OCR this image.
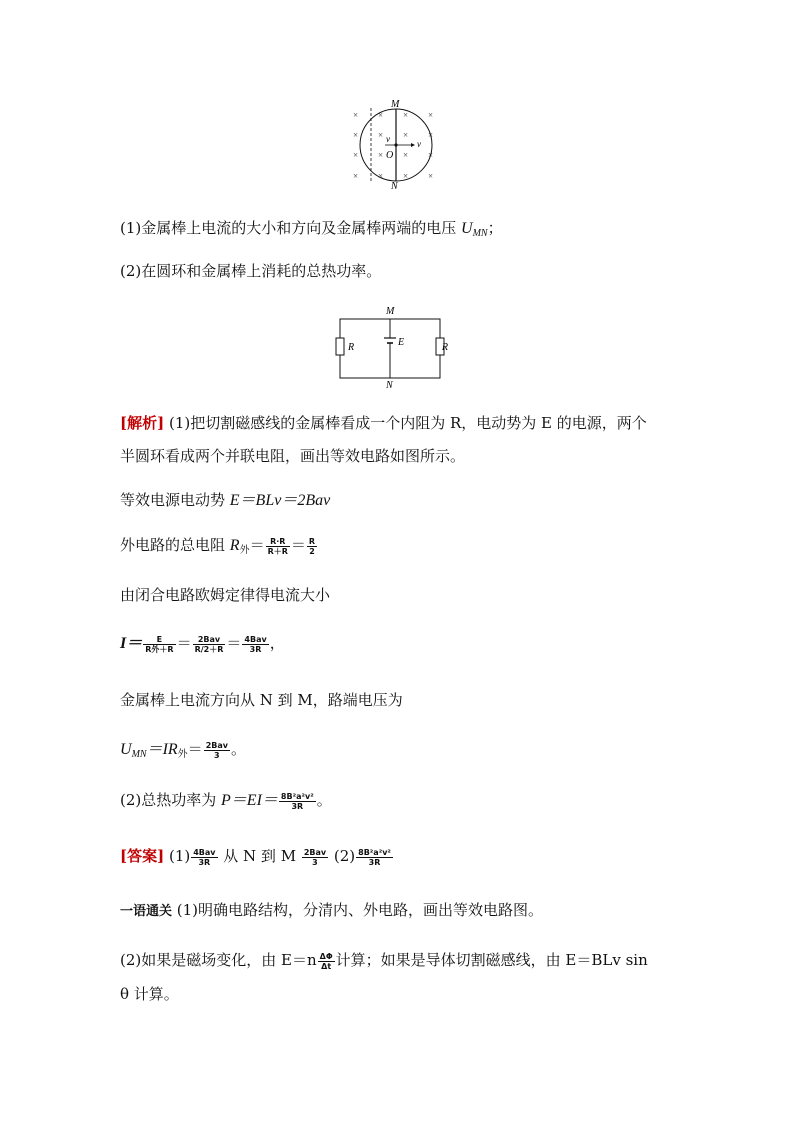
× × × ×
× × × ×
× × × ×
× × × ×
M
N
O
v	v
(1)金属棒上电流的大小和方向及金属棒两端的电压 $U_{MN}$；
(2)在圆环和金属棒上消耗的总热功率。
M
N
E
R	R
[解析] (1)把切割磁感线的金属棒看成一个内阻为 R，电动势为 E 的电源，两个
半圆环看成两个并联电阻，画出等效电路如图所示。
等效电源电动势 E＝BLv＝2Bav
外电路的总电阻 $R_外= \frac{R\cdot R}{R+R} = \frac{R}{2}$
由闭合电路欧姆定律得电流大小
$I= \frac{E}{\text{R外＋R}} = \frac{\text{2Bav}}{R/2+R} = \frac{\text{4Bav}}{3R}$ ，
金属棒上电流方向从 N 到 M，路端电压为
$U_{MN}=IR_外= \frac{\text{2Bav}}{3}$ 。
(2)总热功率为 $P=EI= \frac{\text{8B²a²v²}}{3R}$ 。
[答案] $(1) \frac{\text{4Bav}}{3R}$ 从 N 到 M $\frac{\text{2Bav}}{3} (2) \frac{\text{8B²a²v²}}{3R}$
一语通关 (1)明确电路结构，分清内、外电路，画出等效电路图。
(2)如果是磁场变化，由 $E=n \frac{\Delta\Phi}{\Delta t}$ 计算；如果是导体切割磁感线，由 E＝BLv sin
θ 计算。
